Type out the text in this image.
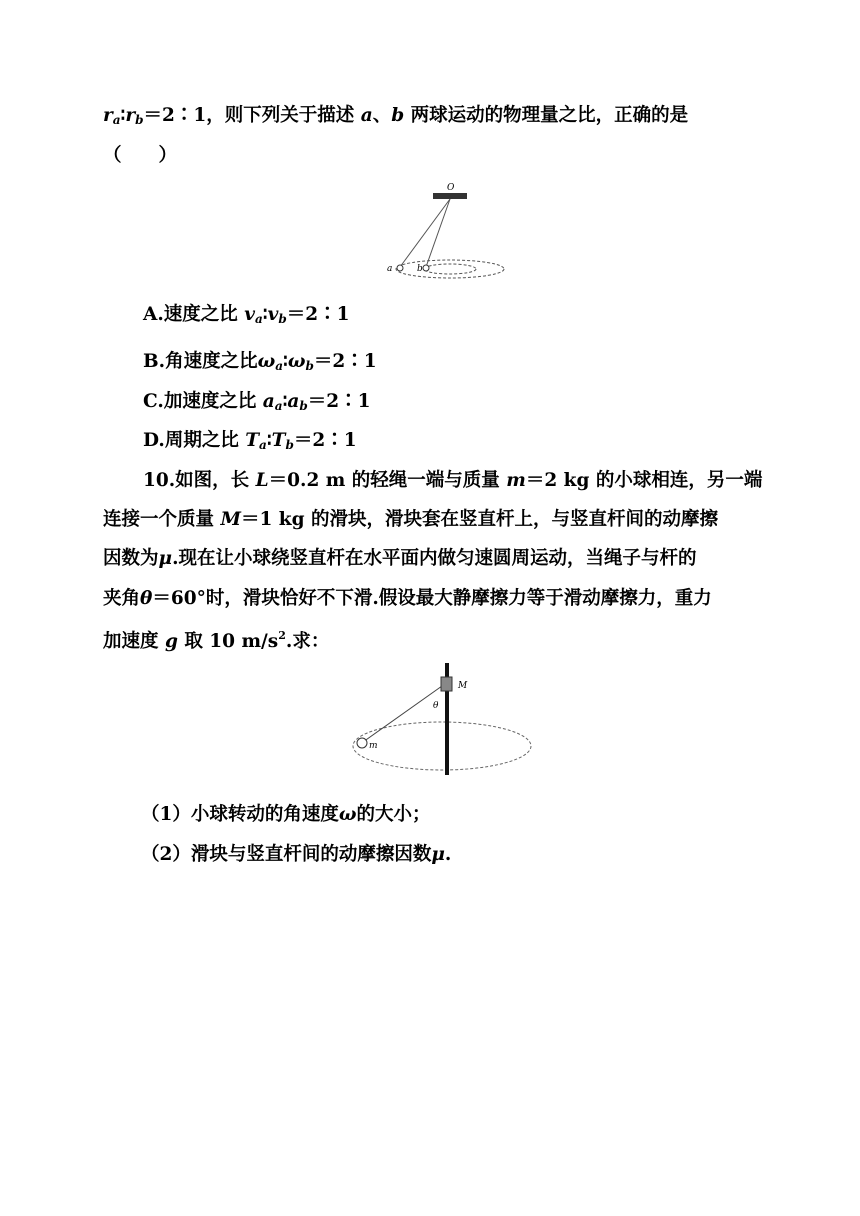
$r_a∶r_b=2∶1$，则下列关于描述 a、b 两球运动的物理量之比，正确的是
（　　）
O
a	b
A.速度之比 $v_a∶v_b=2∶1$
B.角速度之比$\omega_a∶\omega_b=2∶1$
C.加速度之比 $a_a∶a_b=2∶1$
D.周期之比 $T_a∶T_b=2∶1$
10.如图，长 L＝0.2 m 的轻绳一端与质量 m＝2 kg 的小球相连，另一端
连接一个质量 M＝1 kg 的滑块，滑块套在竖直杆上，与竖直杆间的动摩擦
因数为μ.现在让小球绕竖直杆在水平面内做匀速圆周运动，当绳子与杆的
夹角θ＝60°时，滑块恰好不下滑.假设最大静摩擦力等于滑动摩擦力，重力
加速度 g 取 10 $m/s^2$.求：
M
θ
m
（1）小球转动的角速度ω的大小；
（2）滑块与竖直杆间的动摩擦因数μ.
